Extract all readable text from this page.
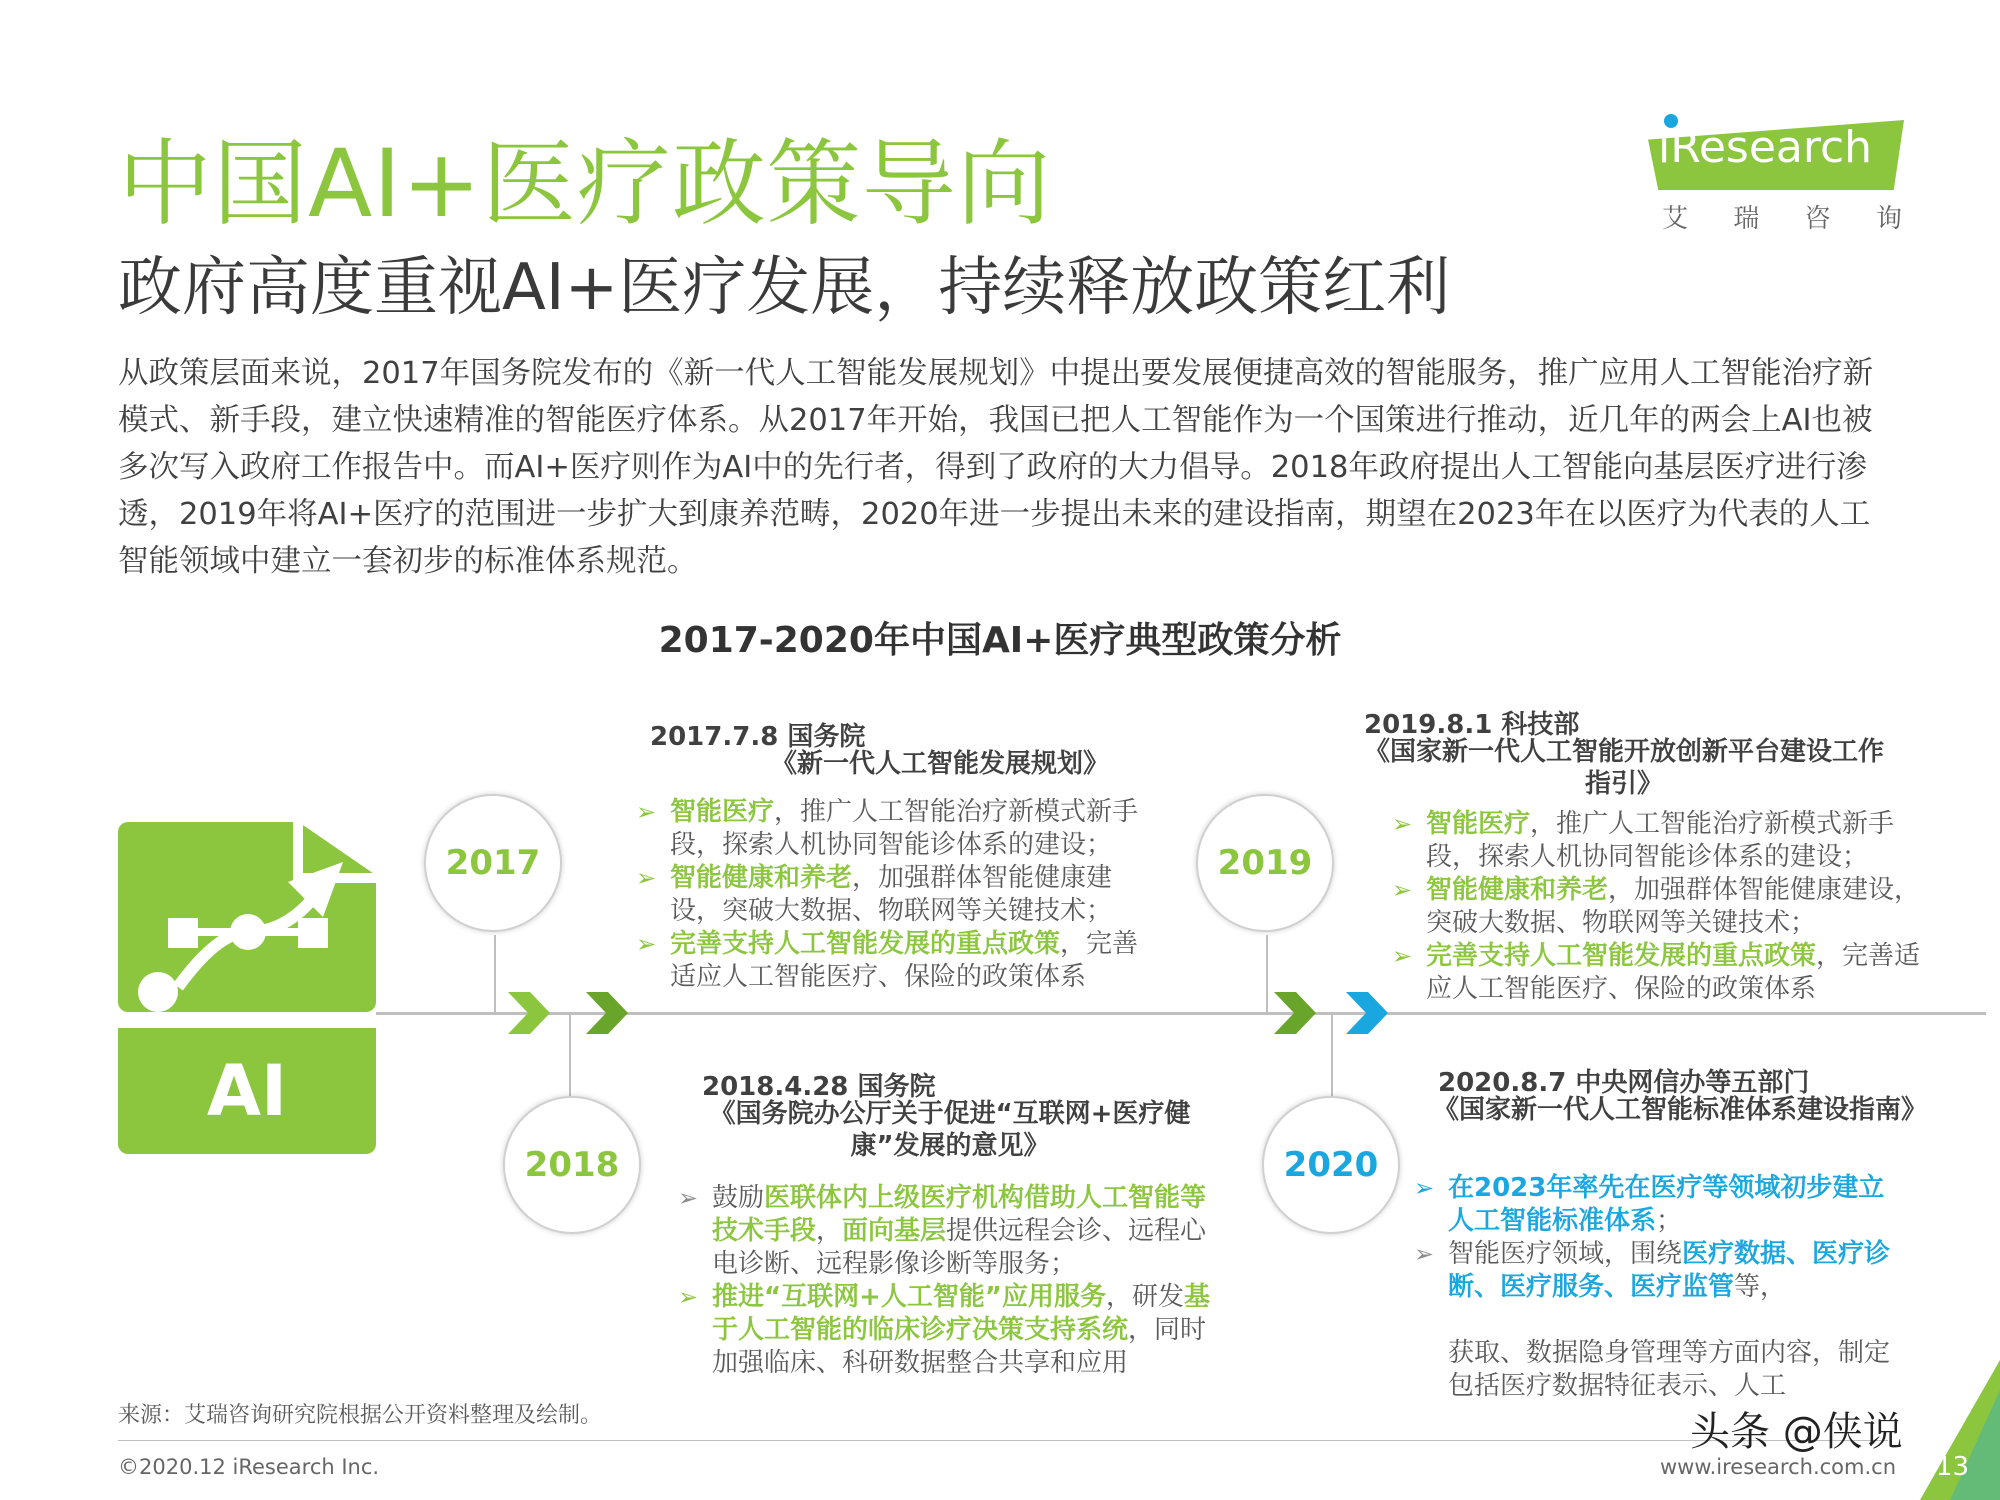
中国AI+医疗政策导向
政府高度重视AI+医疗发展，持续释放政策红利
iResearch
艾 瑞 咨 询
从政策层面来说，2017年国务院发布的《新一代人工智能发展规划》中提出要发展便捷高效的智能服务，推广应用人工智能治疗新模式、新手段，建立快速精准的智能医疗体系。从2017年开始，我国已把人工智能作为一个国策进行推动，近几年的两会上AI也被多次写入政府工作报告中。而AI+医疗则作为AI中的先行者，得到了政府的大力倡导。2018年政府提出人工智能向基层医疗进行渗透，2019年将AI+医疗的范围进一步扩大到康养范畴，2020年进一步提出未来的建设指南，期望在2023年在以医疗为代表的人工智能领域中建立一套初步的标准体系规范。
2017-2020年中国AI+医疗典型政策分析
AI
2017
2018
2019
2020
2017.7.8 国务院
《新一代人工智能发展规划》

➢ 智能医疗，推广人工智能治疗新模式新手段，探索人机协同智能诊体系的建设；

➢ 智能健康和养老，加强群体智能健康建设，突破大数据、物联网等关键技术；

➢ 完善支持人工智能发展的重点政策，完善适应人工智能医疗、保险的政策体系

2018.4.28 国务院
《国务院办公厅关于促进“互联网+医疗健康”发展的意见》

➢ 鼓励医联体内上级医疗机构借助人工智能等技术手段，面向基层提供远程会诊、远程心电诊断、远程影像诊断等服务；

➢ 推进“互联网+人工智能”应用服务，研发基于人工智能的临床诊疗决策支持系统，同时加强临床、科研数据整合共享和应用

2019.8.1 科技部
《国家新一代人工智能开放创新平台建设工作指引》

➢ 智能医疗，推广人工智能治疗新模式新手段，探索人机协同智能诊体系的建设；

➢ 智能健康和养老，加强群体智能健康建设，突破大数据、物联网等关键技术；

➢ 完善支持人工智能发展的重点政策，完善适应人工智能医疗、保险的政策体系

2020.8.7 中央网信办等五部门
《国家新一代人工智能标准体系建设指南》

➢ 在2023年率先在医疗等领域初步建立人工智能标准体系；

➢ 智能医疗领域，围绕医疗数据、医疗诊断、医疗服务、医疗监管等，

获取、数据隐身管理等方面内容，制定包括医疗数据特征表示、人工

来源：艾瑞咨询研究院根据公开资料整理及绘制。
©2020.12 iResearch Inc.	www.iresearch.com.cn 13
头条 @侠说
